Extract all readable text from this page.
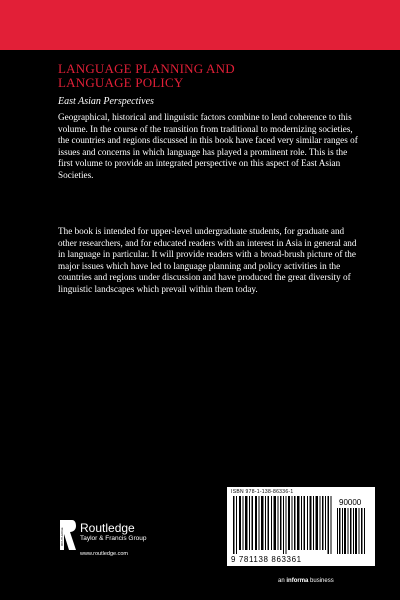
LANGUAGE PLANNING AND
LANGUAGE POLICY
East Asian Perspectives

Geographical, historical and linguistic factors combine to lend coherence to this volume. In the course of the transition from traditional to modernizing societies, the countries and regions discussed in this book have faced very similar ranges of issues and concerns in which language has played a prominent role. This is the first volume to provide an integrated perspective on this aspect of East Asian Societies.

The book is intended for upper-level undergraduate students, for graduate and other researchers, and for educated readers with an interest in Asia in general and in language in particular. It will provide readers with a broad-brush picture of the major issues which have led to language planning and policy activities in the countries and regions under discussion and have produced the great diversity of linguistic landscapes which prevail within them today.

ISBN 978-1-138-86336-1
90000
9 781138 863361
ROUTLEDGE Routledge
Taylor & Francis Group
www.routledge.com
an informa business
